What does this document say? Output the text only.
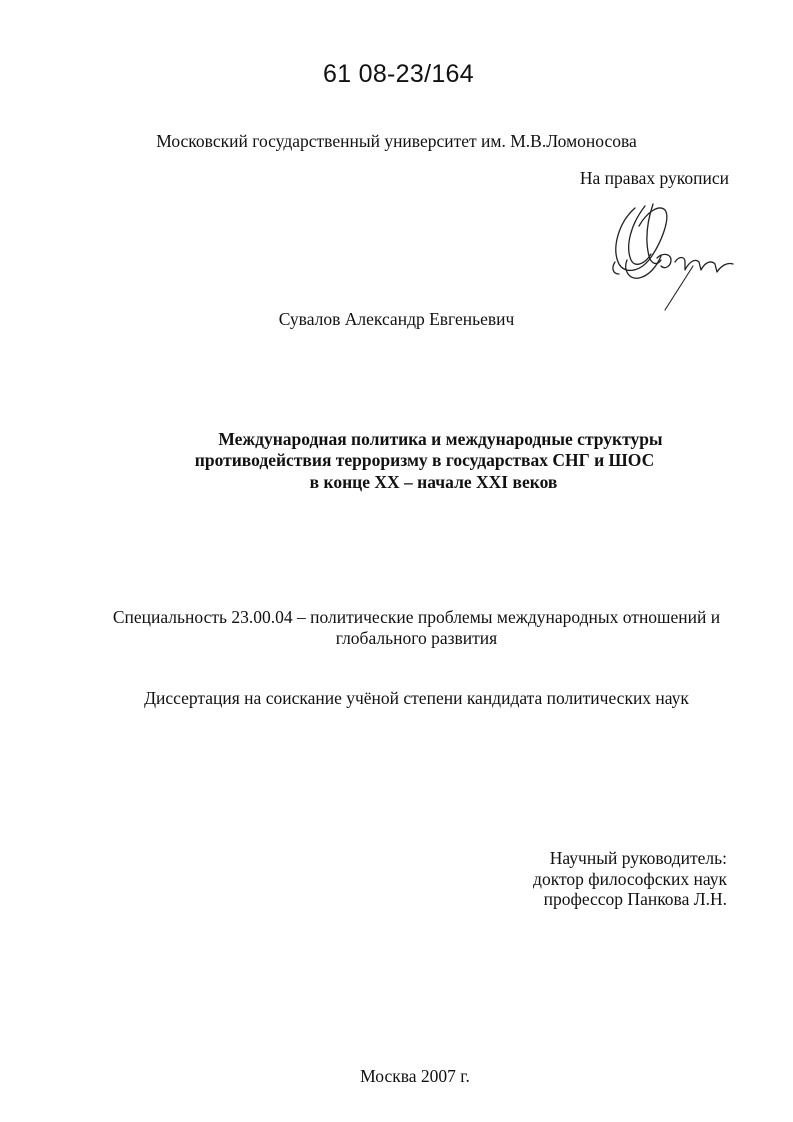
61 08-23/164
Московский государственный университет им. М.В.Ломоносова
На правах рукописи
Сувалов Александр Евгеньевич
Международная политика и международные структуры
противодействия терроризму в государствах СНГ и ШОС
в конце XX – начале XXI веков
Специальность 23.00.04 – политические проблемы международных отношений и
глобального развития
Диссертация на соискание учёной степени кандидата политических наук
Научный руководитель:
доктор философских наук
профессор Панкова Л.Н.
Москва 2007 г.
